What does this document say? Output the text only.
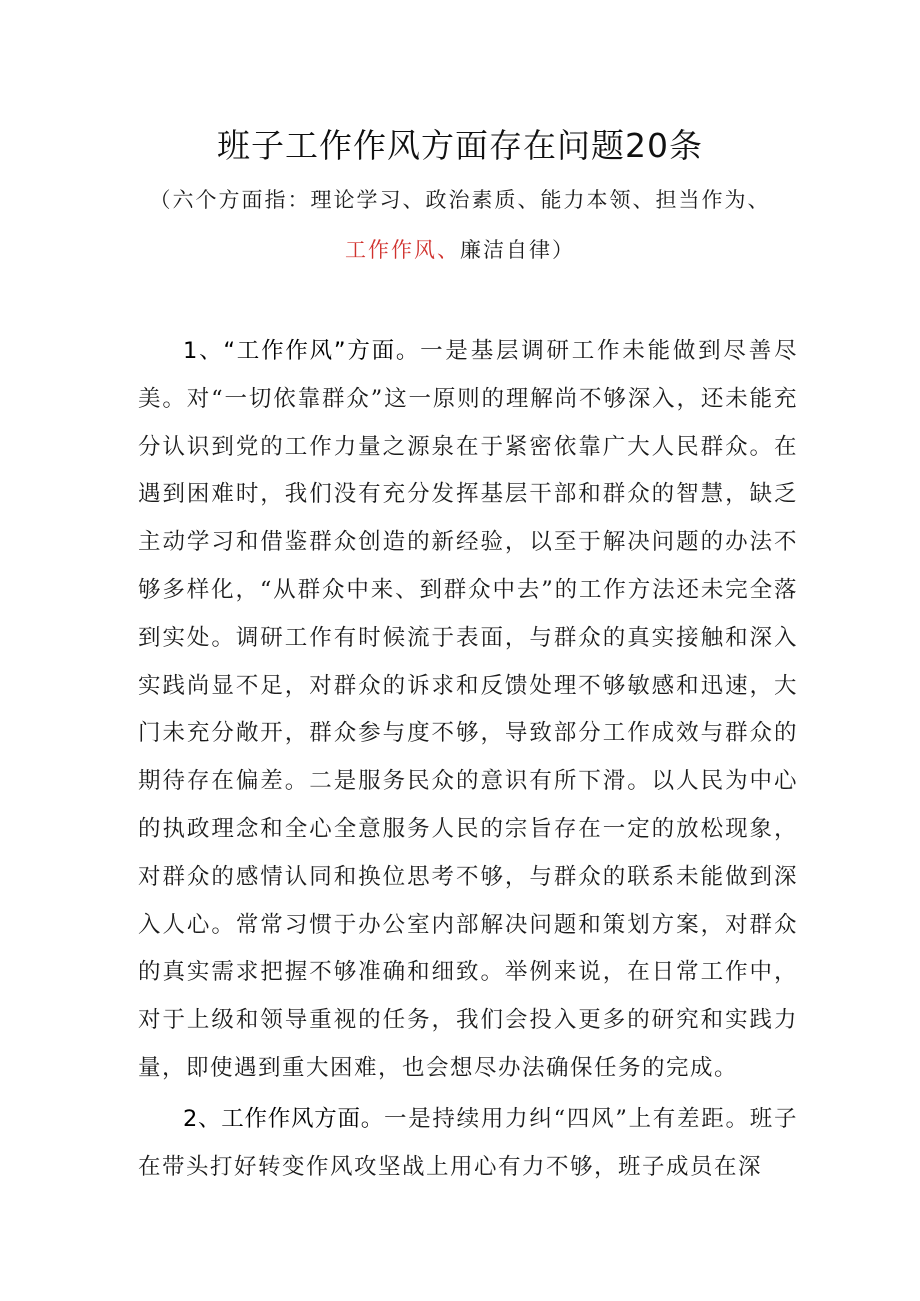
班子工作作风方面存在问题20条

（六个方面指：理论学习、政治素质、能力本领、担当作为、

工作作风、廉洁自律）

1、“工作作风”方面。一是基层调研工作未能做到尽善尽美。对“一切依靠群众”这一原则的理解尚不够深入，还未能充分认识到党的工作力量之源泉在于紧密依靠广大人民群众。在遇到困难时，我们没有充分发挥基层干部和群众的智慧，缺乏主动学习和借鉴群众创造的新经验，以至于解决问题的办法不够多样化，“从群众中来、到群众中去”的工作方法还未完全落到实处。调研工作有时候流于表面，与群众的真实接触和深入实践尚显不足，对群众的诉求和反馈处理不够敏感和迅速，大门未充分敞开，群众参与度不够，导致部分工作成效与群众的期待存在偏差。二是服务民众的意识有所下滑。以人民为中心的执政理念和全心全意服务人民的宗旨存在一定的放松现象，对群众的感情认同和换位思考不够，与群众的联系未能做到深入人心。常常习惯于办公室内部解决问题和策划方案，对群众的真实需求把握不够准确和细致。举例来说，在日常工作中，对于上级和领导重视的任务，我们会投入更多的研究和实践力量，即使遇到重大困难，也会想尽办法确保任务的完成。

2、工作作风方面。一是持续用力纠“四风”上有差距。班子在带头打好转变作风攻坚战上用心有力不够，班子成员在深
